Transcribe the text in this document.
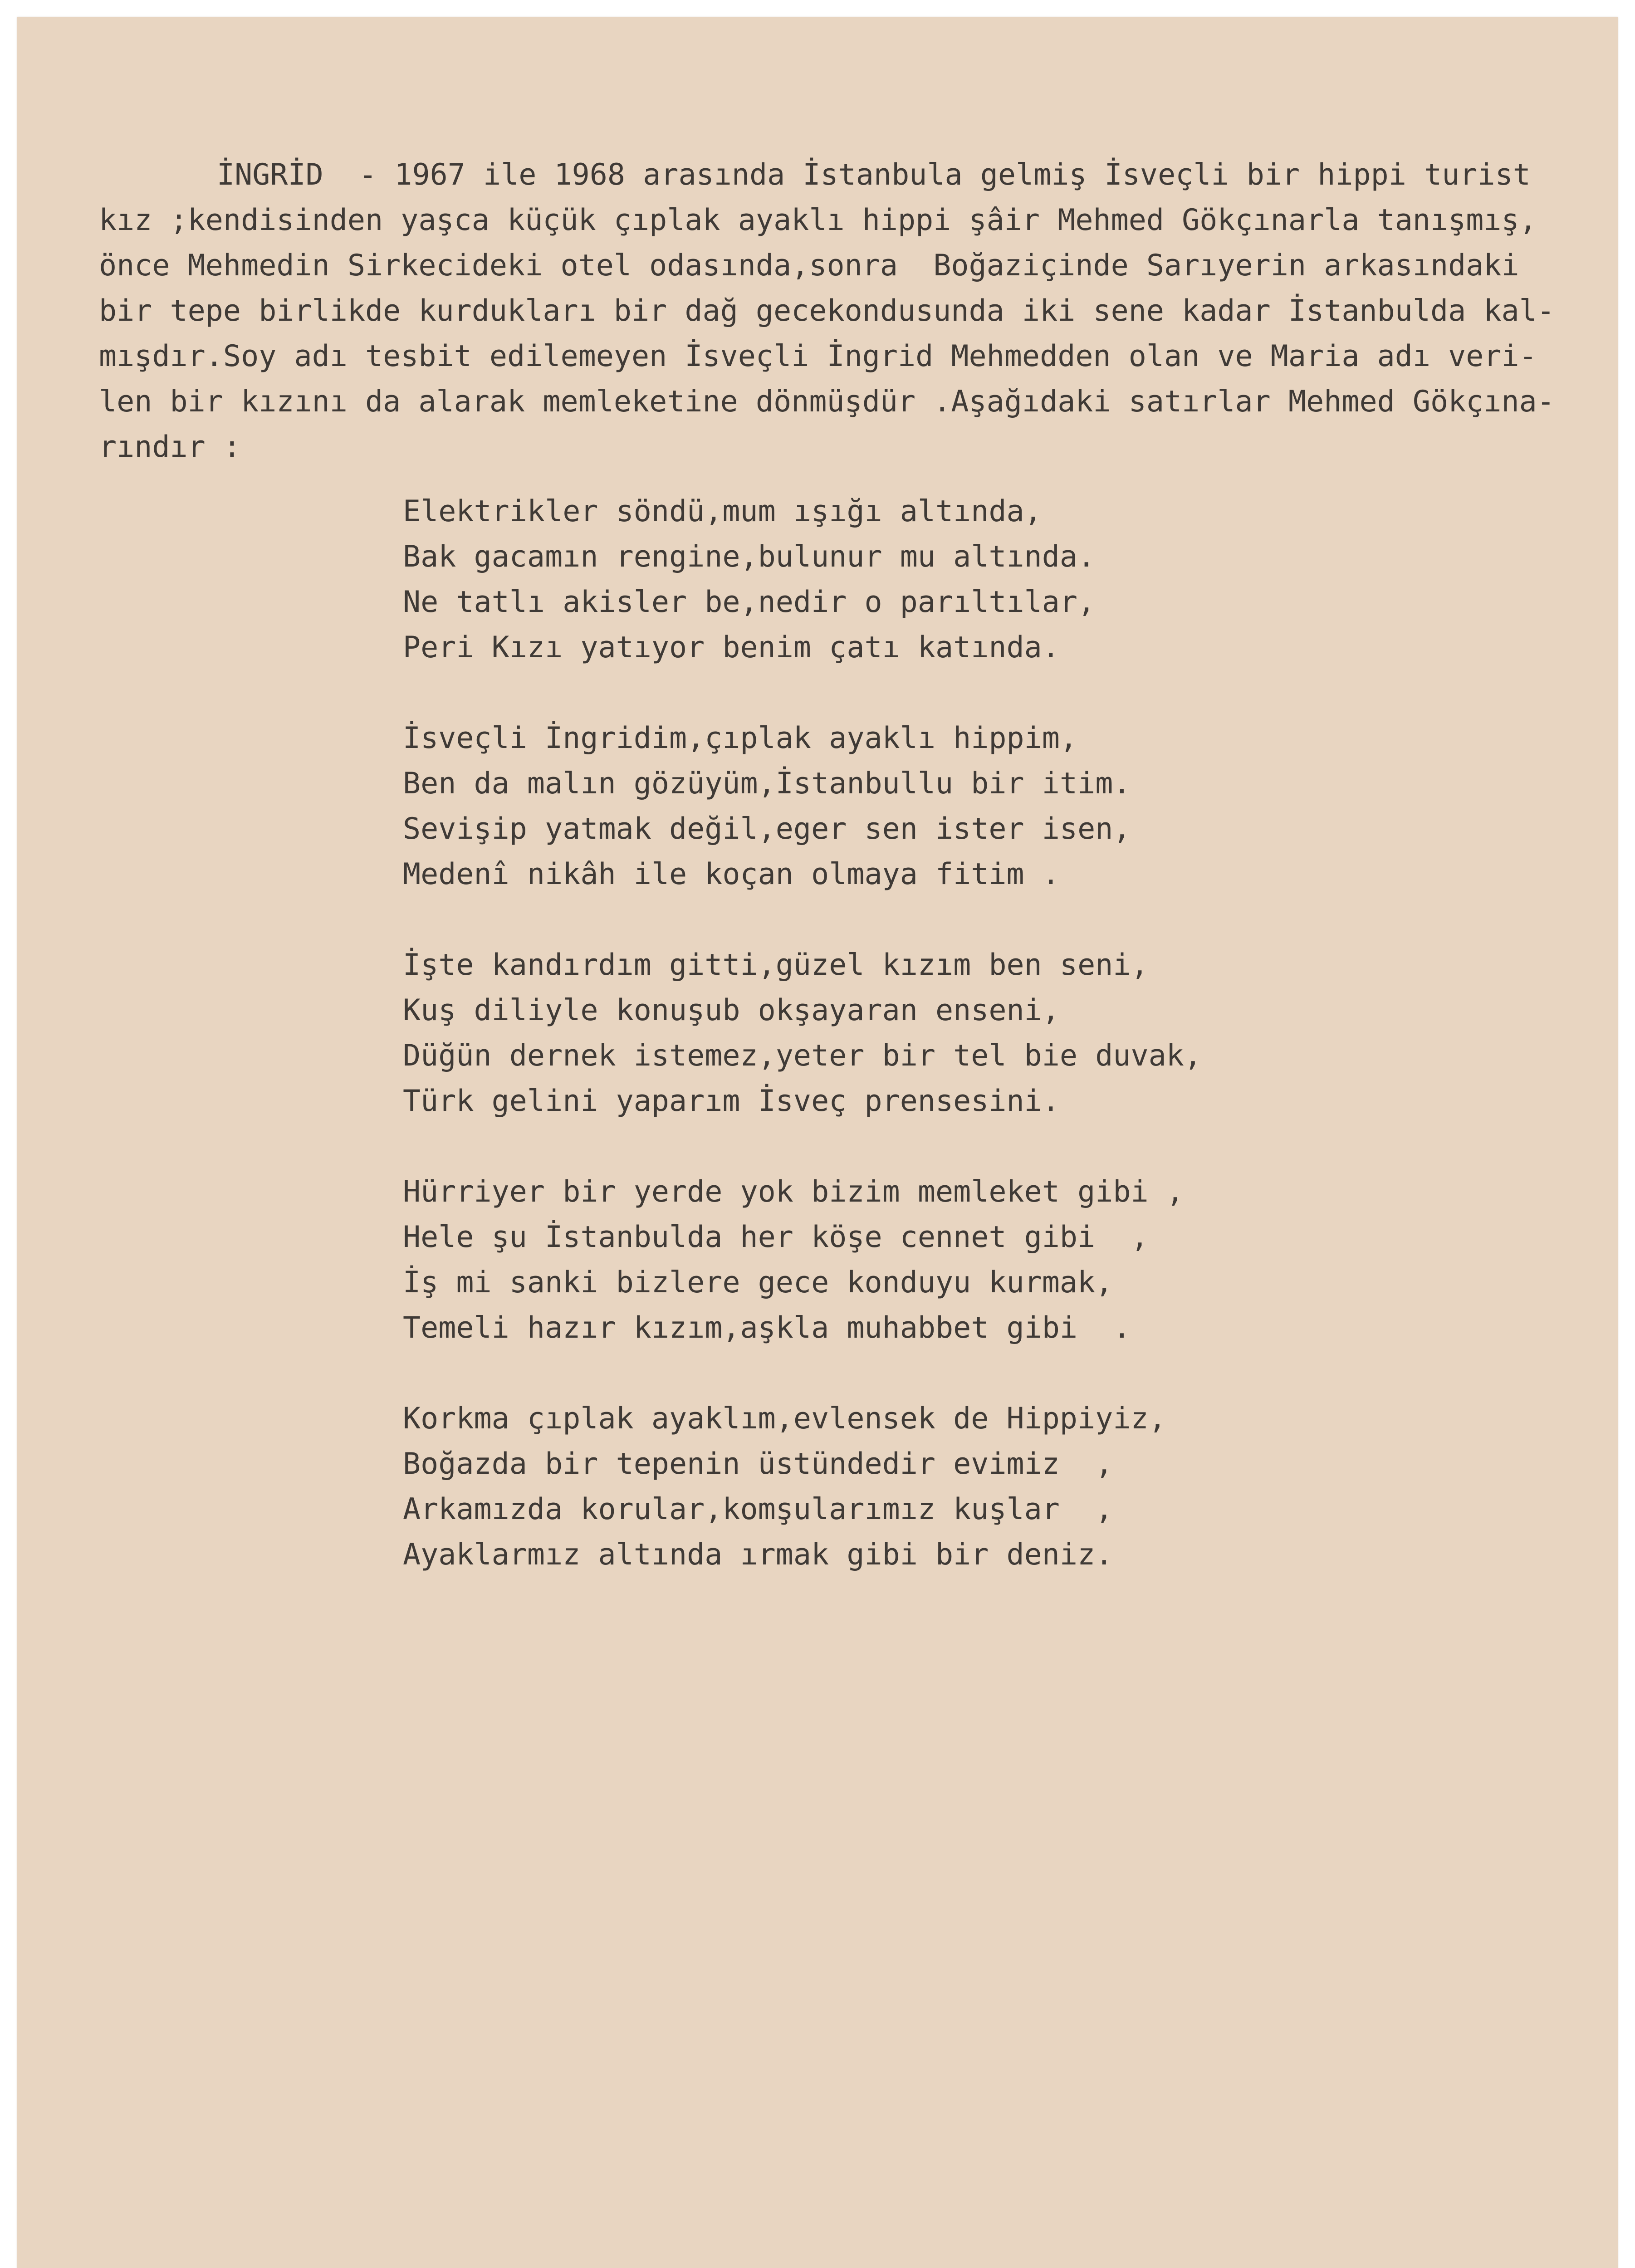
İNGRİD  - 1967 ile 1968 arasında İstanbula gelmiş İsveçli bir hippi turist
kız ;kendisinden yaşca küçük çıplak ayaklı hippi şâir Mehmed Gökçınarla tanışmış,
önce Mehmedin Sirkecideki otel odasında,sonra  Boğaziçinde Sarıyerin arkasındaki
bir tepe birlikde kurdukları bir dağ gecekondusunda iki sene kadar İstanbulda kal-
mışdır.Soy adı tesbit edilemeyen İsveçli İngrid Mehmedden olan ve Maria adı veri-
len bir kızını da alarak memleketine dönmüşdür .Aşağıdaki satırlar Mehmed Gökçına-
rındır :
Elektrikler söndü,mum ışığı altında,
Bak gacamın rengine,bulunur mu altında.
Ne tatlı akisler be,nedir o parıltılar,
Peri Kızı yatıyor benim çatı katında.
İsveçli İngridim,çıplak ayaklı hippim,
Ben da malın gözüyüm,İstanbullu bir itim.
Sevişip yatmak değil,eger sen ister isen,
Medenî nikâh ile koçan olmaya fitim .
İşte kandırdım gitti,güzel kızım ben seni,
Kuş diliyle konuşub okşayaran enseni,
Düğün dernek istemez,yeter bir tel bie duvak,
Türk gelini yaparım İsveç prensesini.
Hürriyer bir yerde yok bizim memleket gibi ,
Hele şu İstanbulda her köşe cennet gibi  ,
İş mi sanki bizlere gece konduyu kurmak,
Temeli hazır kızım,aşkla muhabbet gibi  .
Korkma çıplak ayaklım,evlensek de Hippiyiz,
Boğazda bir tepenin üstündedir evimiz  ,
Arkamızda korular,komşularımız kuşlar  ,
Ayaklarmız altında ırmak gibi bir deniz.
